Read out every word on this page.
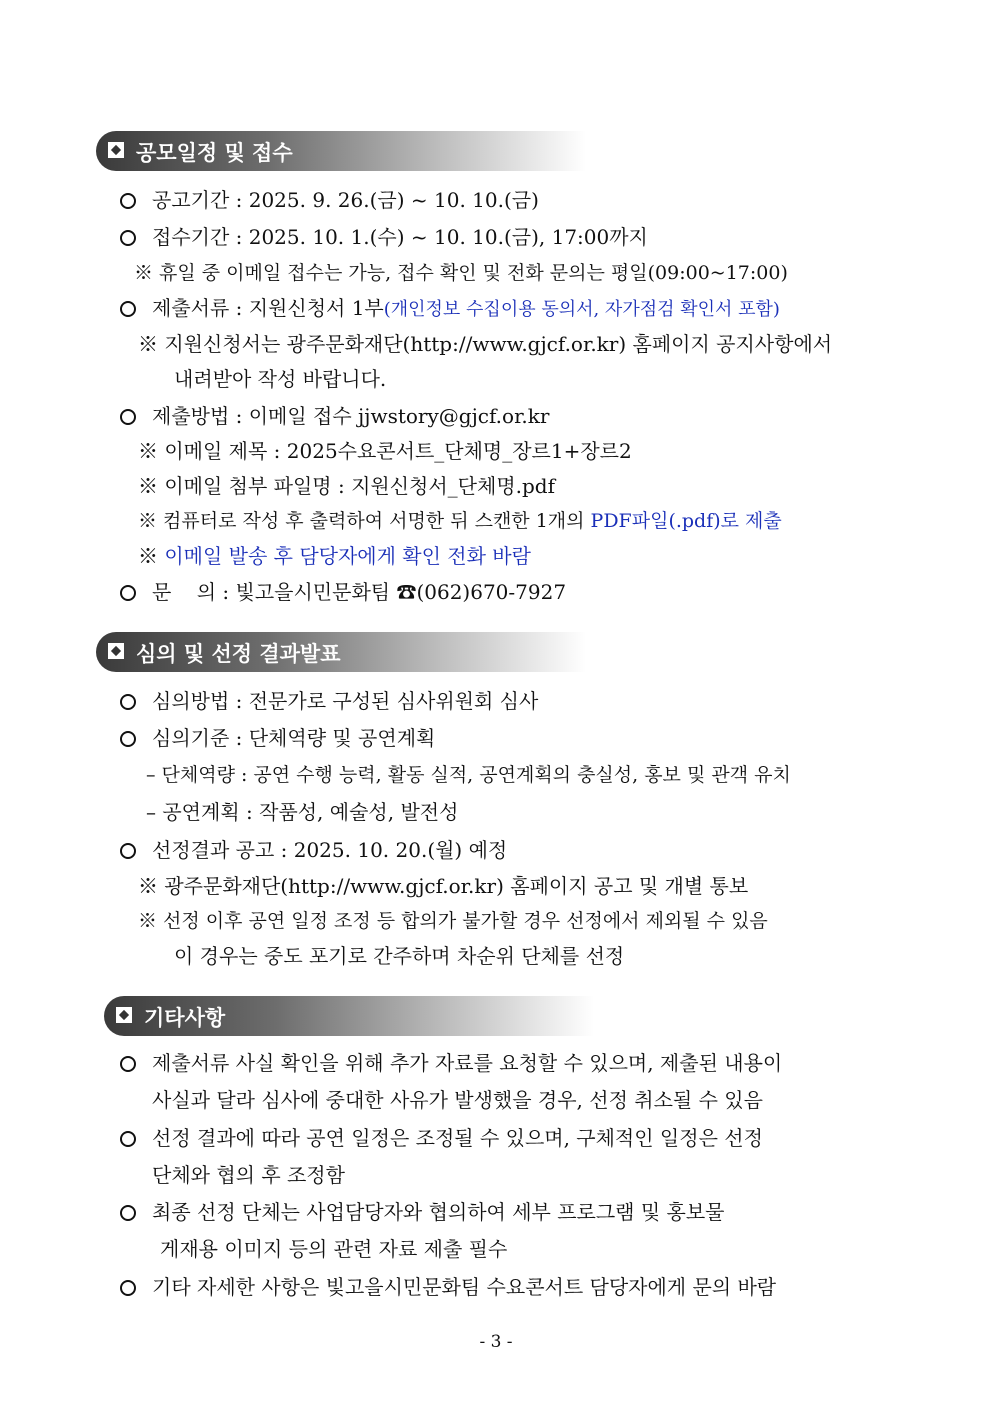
공모일정 및 접수
공고기간 : 2025. 9. 26.(금) ~ 10. 10.(금)
접수기간 : 2025. 10. 1.(수) ~ 10. 10.(금), 17:00까지
※ 휴일 중 이메일 접수는 가능, 접수 확인 및 전화 문의는 평일(09:00~17:00)
제출서류 : 지원신청서 1부(개인정보 수집이용 동의서, 자가점검 확인서 포함)
※ 지원신청서는 광주문화재단(http://www.gjcf.or.kr) 홈페이지 공지사항에서
내려받아 작성 바랍니다.
제출방법 : 이메일 접수 jjwstory@gjcf.or.kr
※ 이메일 제목 : 2025수요콘서트_단체명_장르1+장르2
※ 이메일 첨부 파일명 : 지원신청서_단체명.pdf
※ 컴퓨터로 작성 후 출력하여 서명한 뒤 스캔한 1개의 PDF파일(.pdf)로 제출
※ 이메일 발송 후 담당자에게 확인 전화 바람
문    의 : 빛고을시민문화팀 ☎(062)670-7927
심의 및 선정 결과발표
심의방법 : 전문가로 구성된 심사위원회 심사
심의기준 : 단체역량 및 공연계획
– 단체역량 : 공연 수행 능력, 활동 실적, 공연계획의 충실성, 홍보 및 관객 유치
– 공연계획 : 작품성, 예술성, 발전성
선정결과 공고 : 2025. 10. 20.(월) 예정
※ 광주문화재단(http://www.gjcf.or.kr) 홈페이지 공고 및 개별 통보
※ 선정 이후 공연 일정 조정 등 합의가 불가할 경우 선정에서 제외될 수 있음
이 경우는 중도 포기로 간주하며 차순위 단체를 선정
기타사항
제출서류 사실 확인을 위해 추가 자료를 요청할 수 있으며, 제출된 내용이
사실과 달라 심사에 중대한 사유가 발생했을 경우, 선정 취소될 수 있음
선정 결과에 따라 공연 일정은 조정될 수 있으며, 구체적인 일정은 선정
단체와 협의 후 조정함
최종 선정 단체는 사업담당자와 협의하여 세부 프로그램 및 홍보물
게재용 이미지 등의 관련 자료 제출 필수
기타 자세한 사항은 빛고을시민문화팀 수요콘서트 담당자에게 문의 바람
- 3 -
